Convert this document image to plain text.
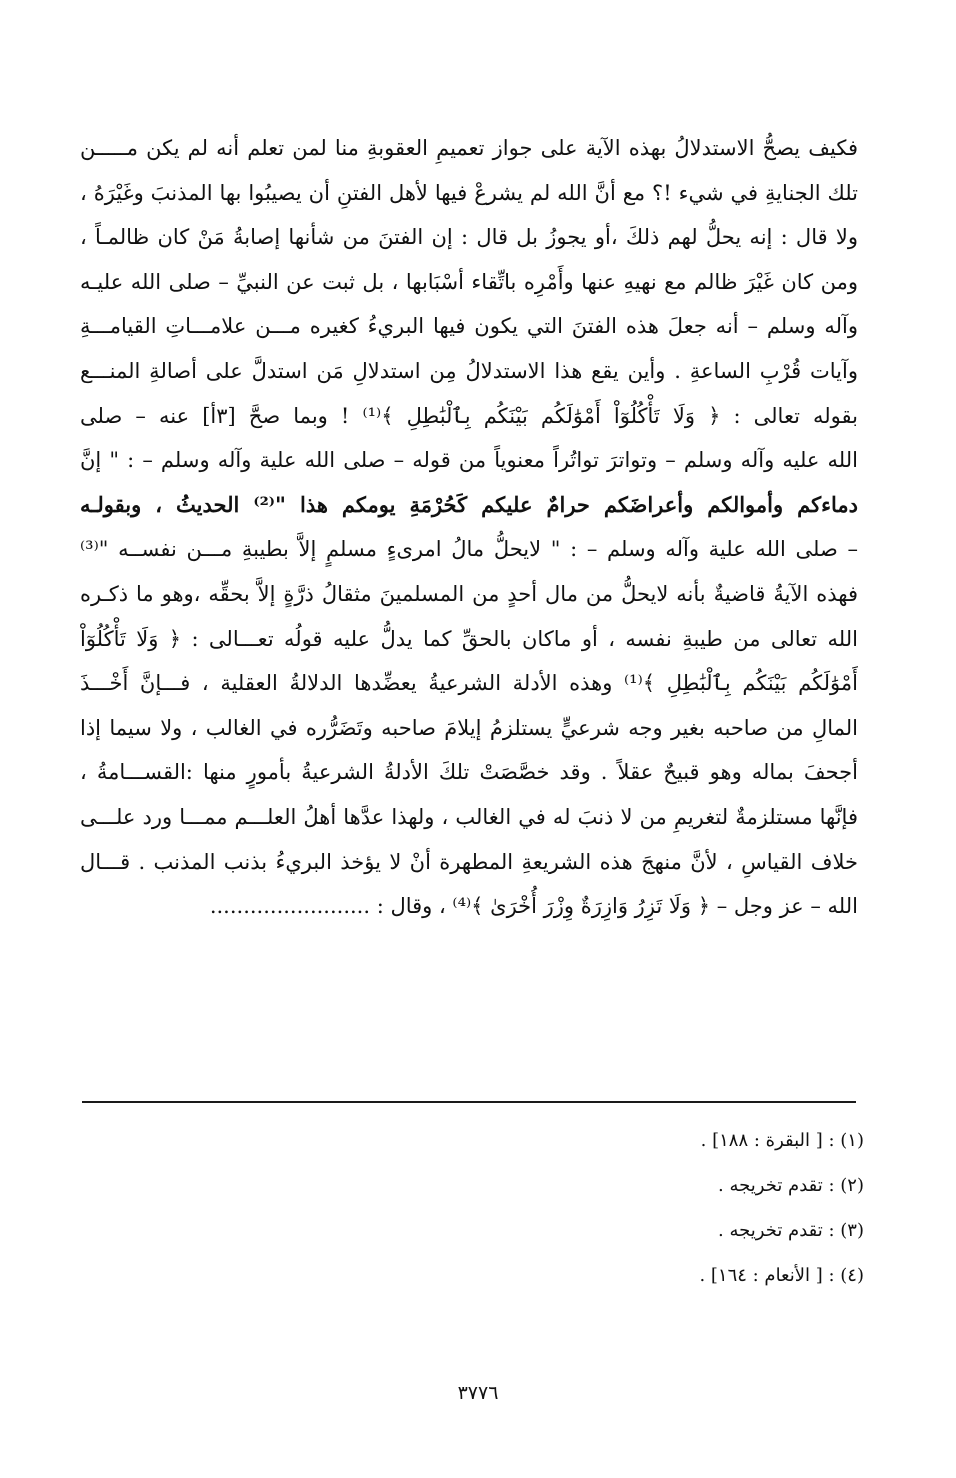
فكيف يصحُّ الاستدلالُ بهذه الآية على جواز تعميمِ العقوبةِ منا لمن تعلم أنه لم يكن مـــــن
تلك الجنايةِ في شيء !؟ مع أنَّ الله لم يشرعْ فيها لأهل الفتنِ أن يصيبُوا بها المذنبَ وغَيْرَهُ ،
ولا قال : إنه يحلُّ لهم ذلكَ ،أو يجوزُ بل قال : إن الفتنَ من شأنها إصابةُ مَنْ كان ظالمـاً ،
ومن كان غَيْرَ ظالم مع نهيهِ عنها وأَمْرِه باتِّقاء أسْبَابها ، بل ثبت عن النبيِّ – صلى الله عليـه
وآله وسلم – أنه جعلَ هذه الفتنَ التي يكون فيها البريءُ كغيره مـــن علامـــاتِ القيامـــةِ
وآيات قُرْبِ الساعةِ . وأين يقع هذا الاستدلالُ مِن استدلالِ مَن استدلَّ على أصالةِ المنـــع
بقوله تعالى : ﴿ وَلَا تَأْكُلُوٓاْ أَمْوَٰلَكُم بَيْنَكُم بِٱلْبَٰطِلِ ﴾⁽¹⁾ ! وبما صحَّ [٣أ] عنه – صلى
الله عليه وآله وسلم – وتواترَ تواتُراً معنوياً من قوله – صلى الله علية وآله وسلم – : " إنَّ
دماءكم وأموالكم وأعراضَكم حرامٌ عليكم كَحُرْمَةِ يومكم هذا "⁽²⁾ الحديثُ ، وبقولـه
– صلى الله علية وآله وسلم – : " لايحلُّ مالُ امرىءٍ مسلمٍ إلاَّ بطيبةِ مـــن نفســه "⁽³⁾
فهذه الآيةُ قاضيةٌ بأنه لايحلُّ من مال أحدٍ من المسلمينَ مثقالُ ذرَّةٍ إلاَّ بحقِّه ،وهو ما ذكـره
الله تعالى من طيبةِ نفسه ، أو ماكان بالحقِّ كما يدلُّ عليه قولُه تعـــالى : ﴿ وَلَا تَأْكُلُوٓاْ
أَمْوَٰلَكُم بَيْنَكُم بِٱلْبَٰطِلِ ﴾⁽¹⁾ وهذه الأدلة الشرعيةُ يعضِّدها الدلالةُ العقلية ، فـــإنَّ أَخْـــذَ
المالِ من صاحبه بغير وجه شرعيٍّ يستلزمُ إيلامَ صاحبه وتَضَرُّره في الغالب ، ولا سيما إذا
أجحفَ بماله وهو قبيحٌ عقلاً . وقد خصَّصَتْ تلكَ الأدلةُ الشرعيةُ بأمورٍ منها :القســـامةُ ،
فإنَّها مستلزمةٌ لتغريمِ من لا ذنبَ له في الغالب ، ولهذا عدَّها أهلُ العلـــم ممـــا ورد علـــى
خلاف القياسِ ، لأنَّ منهجَ هذه الشريعةِ المطهرة أنْ لا يؤخذ البريءُ بذنب المذنب . قـــال
الله – عز وجل – ﴿ وَلَا تَزِرُ وَازِرَةٌ وِزْرَ أُخْرَىٰ ﴾⁽⁴⁾ ، وقال : ........................
(١) : [ البقرة : ١٨٨] .
(٢) : تقدم تخريجه .
(٣) : تقدم تخريجه .
(٤) : [ الأنعام : ١٦٤] .
٣٧٧٦
